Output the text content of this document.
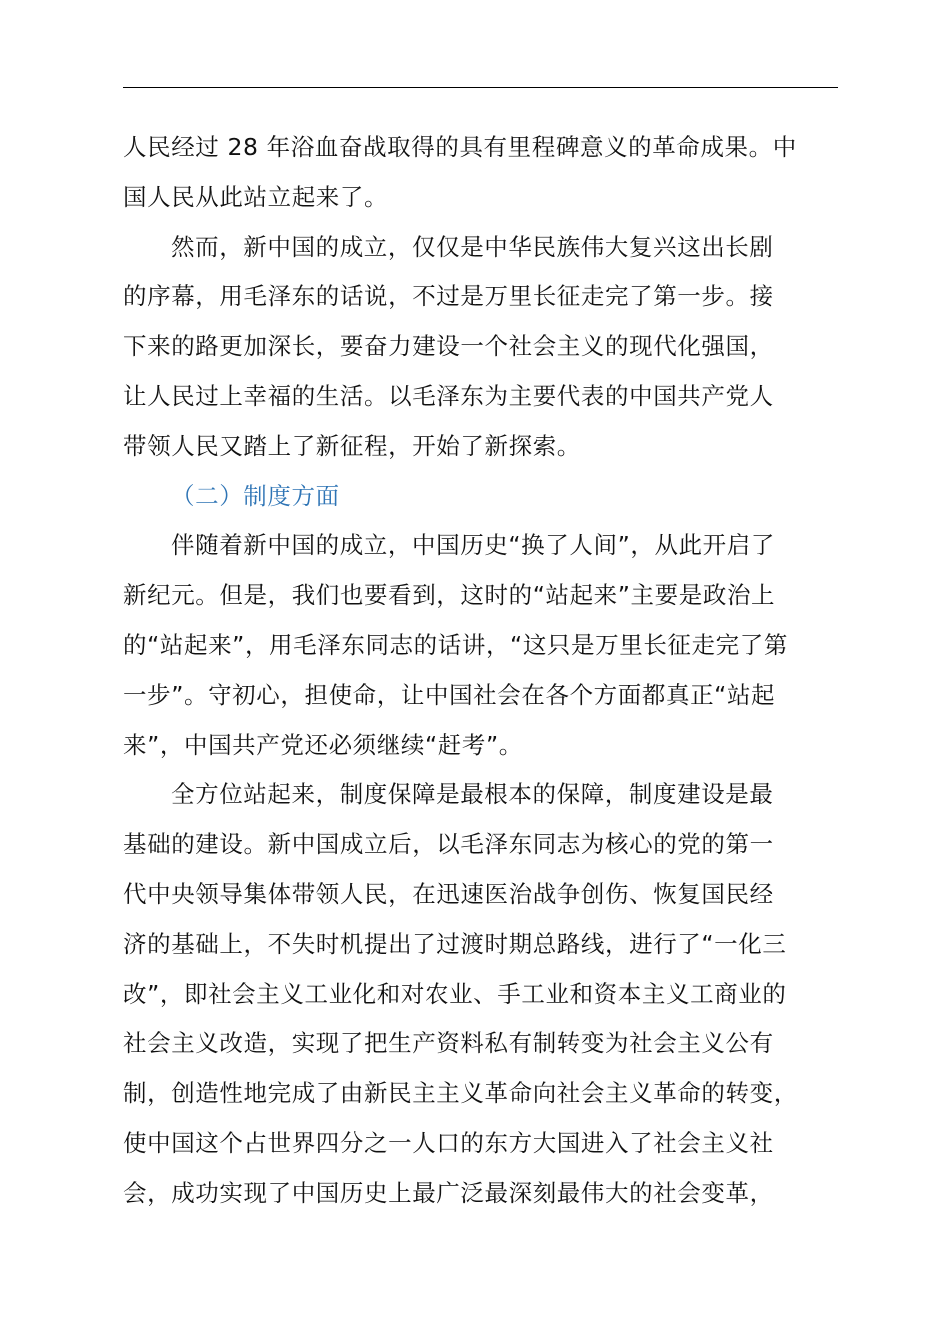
人民经过 28 年浴血奋战取得的具有里程碑意义的革命成果。中
国人民从此站立起来了。
然而，新中国的成立，仅仅是中华民族伟大复兴这出长剧
的序幕，用毛泽东的话说，不过是万里长征走完了第一步。接
下来的路更加深长，要奋力建设一个社会主义的现代化强国，
让人民过上幸福的生活。以毛泽东为主要代表的中国共产党人
带领人民又踏上了新征程，开始了新探索。
（二）制度方面
伴随着新中国的成立，中国历史“换了人间”，从此开启了
新纪元。但是，我们也要看到，这时的“站起来”主要是政治上
的“站起来”，用毛泽东同志的话讲，“这只是万里长征走完了第
一步”。守初心，担使命，让中国社会在各个方面都真正“站起
来”，中国共产党还必须继续“赶考”。
全方位站起来，制度保障是最根本的保障，制度建设是最
基础的建设。新中国成立后，以毛泽东同志为核心的党的第一
代中央领导集体带领人民，在迅速医治战争创伤、恢复国民经
济的基础上，不失时机提出了过渡时期总路线，进行了“一化三
改”，即社会主义工业化和对农业、手工业和资本主义工商业的
社会主义改造，实现了把生产资料私有制转变为社会主义公有
制，创造性地完成了由新民主主义革命向社会主义革命的转变，
使中国这个占世界四分之一人口的东方大国进入了社会主义社
会，成功实现了中国历史上最广泛最深刻最伟大的社会变革，
